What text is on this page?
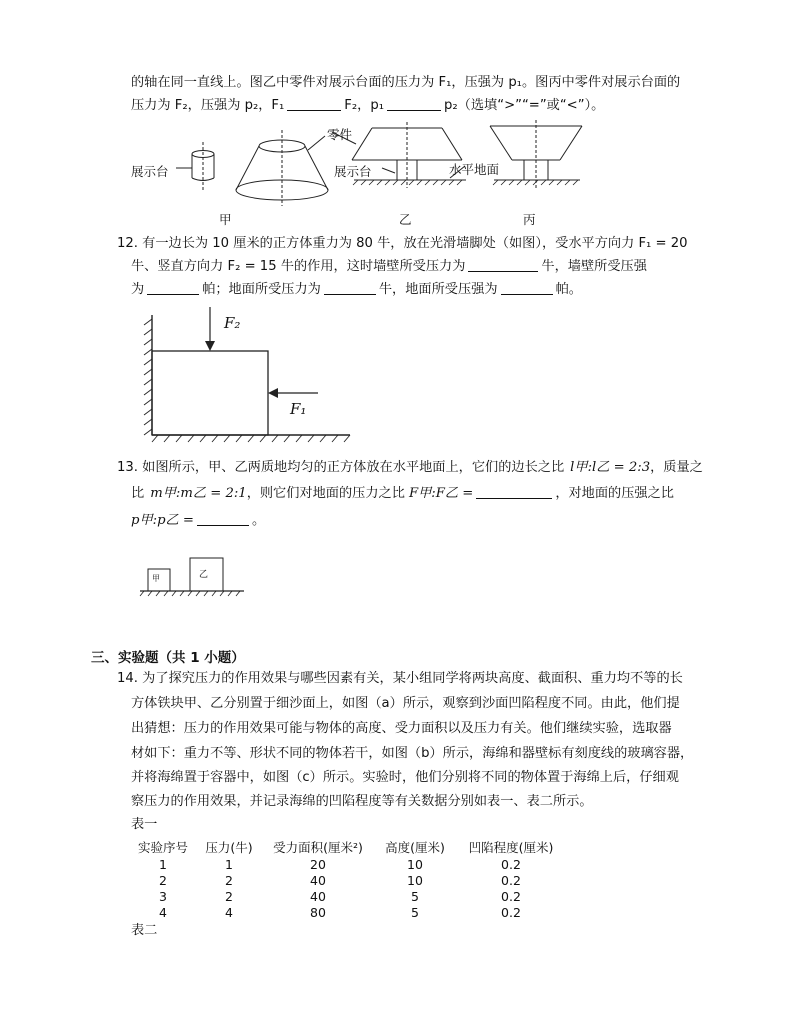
的轴在同一直线上。图乙中零件对展示台面的压力为 F₁，压强为 p₁。图丙中零件对展示台面的
压力为 F₂，压强为 p₂，F₁	F₂，p₁	p₂（选填“>”“=”或“<”）。
展示台
零件
展示台	水平地面
甲	乙	丙
12. 有一边长为 10 厘米的正方体重力为 80 牛，放在光滑墙脚处（如图），受水平方向力 F₁ = 20
牛、竖直方向力 F₂ = 15 牛的作用，这时墙壁所受压力为	牛，墙壁所受压强
为	帕；地面所受压力为	牛，地面所受压强为	帕。
F₂
F₁
13. 如图所示，甲、乙两质地均匀的正方体放在水平地面上，它们的边长之比 l甲:l乙 = 2:3，质量之
比 m甲:m乙 = 2:1，则它们对地面的压力之比 F甲:F乙 =	，对地面的压强之比
p甲:p乙 =	。
甲	乙
三、实验题（共 1 小题）
14. 为了探究压力的作用效果与哪些因素有关，某小组同学将两块高度、截面积、重力均不等的长
方体铁块甲、乙分别置于细沙面上，如图（a）所示，观察到沙面凹陷程度不同。由此，他们提
出猜想：压力的作用效果可能与物体的高度、受力面积以及压力有关。他们继续实验，选取器
材如下：重力不等、形状不同的物体若干，如图（b）所示，海绵和器壁标有刻度线的玻璃容器，
并将海绵置于容器中，如图（c）所示。实验时，他们分别将不同的物体置于海绵上后，仔细观
察压力的作用效果，并记录海绵的凹陷程度等有关数据分别如表一、表二所示。
表一
实验序号	压力(牛)	受力面积(厘米²)	高度(厘米)	凹陷程度(厘米)
1	1	20	10	0.2
2	2	40	10	0.2
3	2	40	5	0.2
4	4	80	5	0.2
表二
